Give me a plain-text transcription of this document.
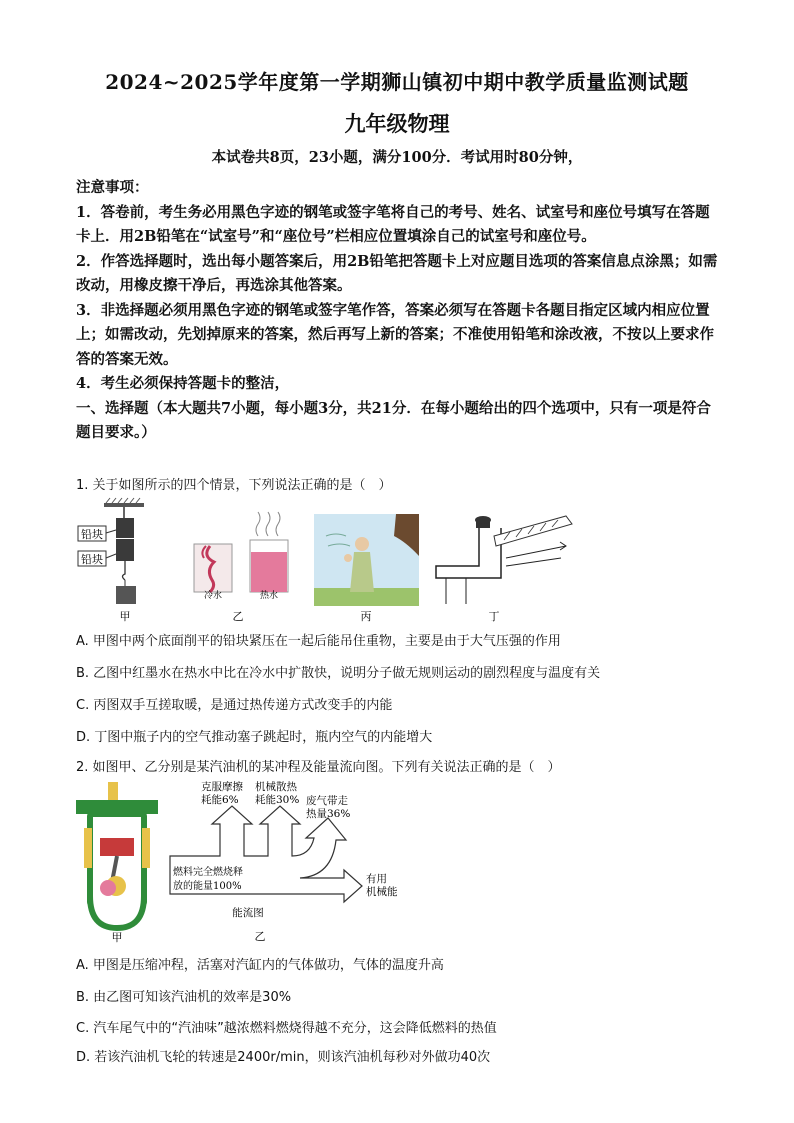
2024~2025学年度第一学期狮山镇初中期中教学质量监测试题
九年级物理
本试卷共8页，23小题，满分100分．考试用时80分钟，

注意事项：

1．答卷前，考生务必用黑色字迹的钢笔或签字笔将自己的考号、姓名、试室号和座位号填写在答题卡上．用2B铅笔在“试室号”和“座位号”栏相应位置填涂自己的试室号和座位号。

2．作答选择题时，选出每小题答案后，用2B铅笔把答题卡上对应题目选项的答案信息点涂黑；如需改动，用橡皮擦干净后，再选涂其他答案。

3．非选择题必须用黑色字迹的钢笔或签字笔作答，答案必须写在答题卡各题目指定区域内相应位置上；如需改动，先划掉原来的答案，然后再写上新的答案；不准使用铅笔和涂改液，不按以上要求作答的答案无效。

4．考生必须保持答题卡的整洁，

一、选择题（本大题共7小题，每小题3分，共21分．在每小题给出的四个选项中，只有一项是符合题目要求。）

1. 关于如图所示的四个情景，下列说法正确的是（　）
铅块
铅块
甲
冷水	热水
乙	丙	丁
A. 甲图中两个底面削平的铅块紧压在一起后能吊住重物，主要是由于大气压强的作用
B. 乙图中红墨水在热水中比在冷水中扩散快，说明分子做无规则运动的剧烈程度与温度有关
C. 丙图双手互搓取暖，是通过热传递方式改变手的内能
D. 丁图中瓶子内的空气推动塞子跳起时，瓶内空气的内能增大
2. 如图甲、乙分别是某汽油机的某冲程及能量流向图。下列有关说法正确的是（　）
甲
克服摩擦
耗能6%
机械散热
耗能30% 废气带走
热量36%
燃料完全燃烧释
放的能量100%
有用
机械能
能流图
乙
A. 甲图是压缩冲程，活塞对汽缸内的气体做功，气体的温度升高
B. 由乙图可知该汽油机的效率是30%
C. 汽车尾气中的“汽油味”越浓燃料燃烧得越不充分，这会降低燃料的热值
D. 若该汽油机飞轮的转速是2400r/min，则该汽油机每秒对外做功40次
